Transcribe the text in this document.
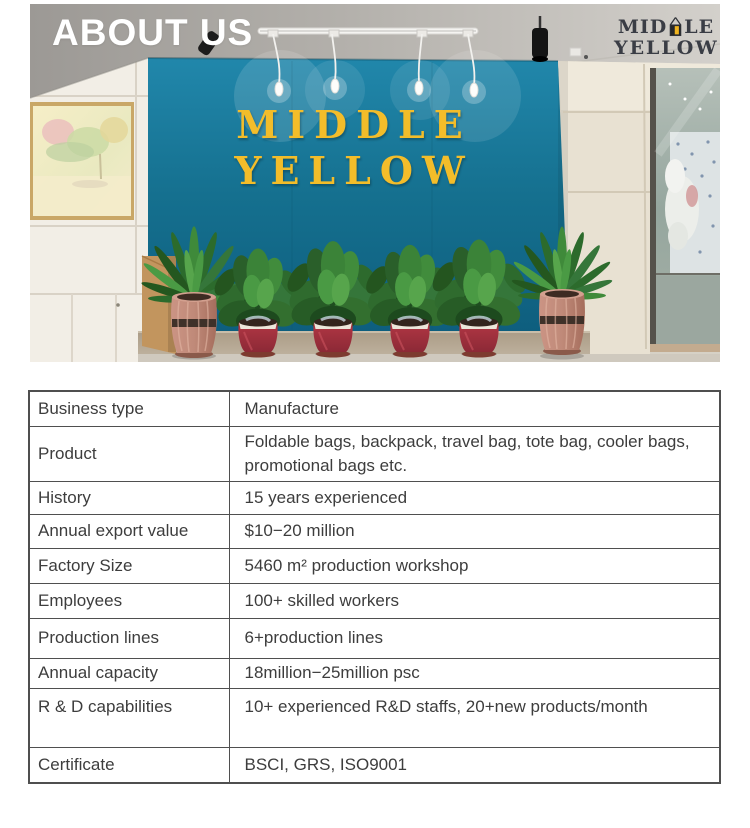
ABOUT US
MIDDLE
YELLOW
MID LE
YELLOW
Business type	Manufacture
Product	Foldable bags, backpack, travel bag, tote bag, cooler bags, promotional bags etc.
History	15 years experienced
Annual export value	$10−20 million
Factory Size	5460 m² production workshop
Employees	100+ skilled workers
Production lines	6+production lines
Annual capacity	18million−25million psc
R & D capabilities	10+ experienced R&D staffs, 20+new products/month
Certificate	BSCI, GRS, ISO9001
